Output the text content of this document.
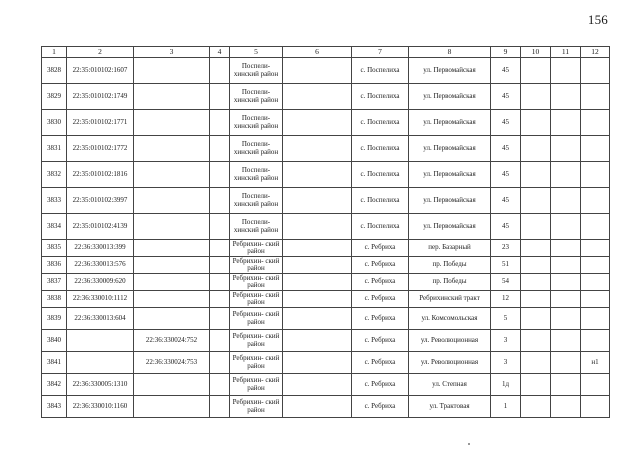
156
1	2	3	4	5	6	7	8	9	10	11	12
3828	22:35:010102:1607			Поспели- хинский район		с. Поспелиха	ул. Первомайская	45			
3829	22:35:010102:1749			Поспели- хинский район		с. Поспелиха	ул. Первомайская	45			
3830	22:35:010102:1771			Поспели- хинский район		с. Поспелиха	ул. Первомайская	45			
3831	22:35:010102:1772			Поспели- хинский район		с. Поспелиха	ул. Первомайская	45			
3832	22:35:010102:1816			Поспели- хинский район		с. Поспелиха	ул. Первомайская	45			
3833	22:35:010102:3997			Поспели- хинский район		с. Поспелиха	ул. Первомайская	45			
3834	22:35:010102:4139			Поспели- хинский район		с. Поспелиха	ул. Первомайская	45			
3835	22:36:330013:399			Ребрихин- ский район		с. Ребриха	пер. Базарный	23			
3836	22:36:330013:576			Ребрихин- ский район		с. Ребриха	пр. Победы	51			
3837	22:36:330009:620			Ребрихин- ский район		с. Ребриха	пр. Победы	54			
3838	22:36:330010:1112			Ребрихин- ский район		с. Ребриха	Ребрихинский тракт	12			
3839	22:36:330013:604			Ребрихин- ский район		с. Ребриха	ул. Комсомольская	5			
3840		22:36:330024:752		Ребрихин- ский район		с. Ребриха	ул. Революционная	3			
3841		22:36:330024:753		Ребрихин- ский район		с. Ребриха	ул. Революционная	3			н1
3842	22:36:330005:1310			Ребрихин- ский район		с. Ребриха	ул. Степная	1д			
3843	22:36:330010:1160			Ребрихин- ский район		с. Ребриха	ул. Трактовая	1			
